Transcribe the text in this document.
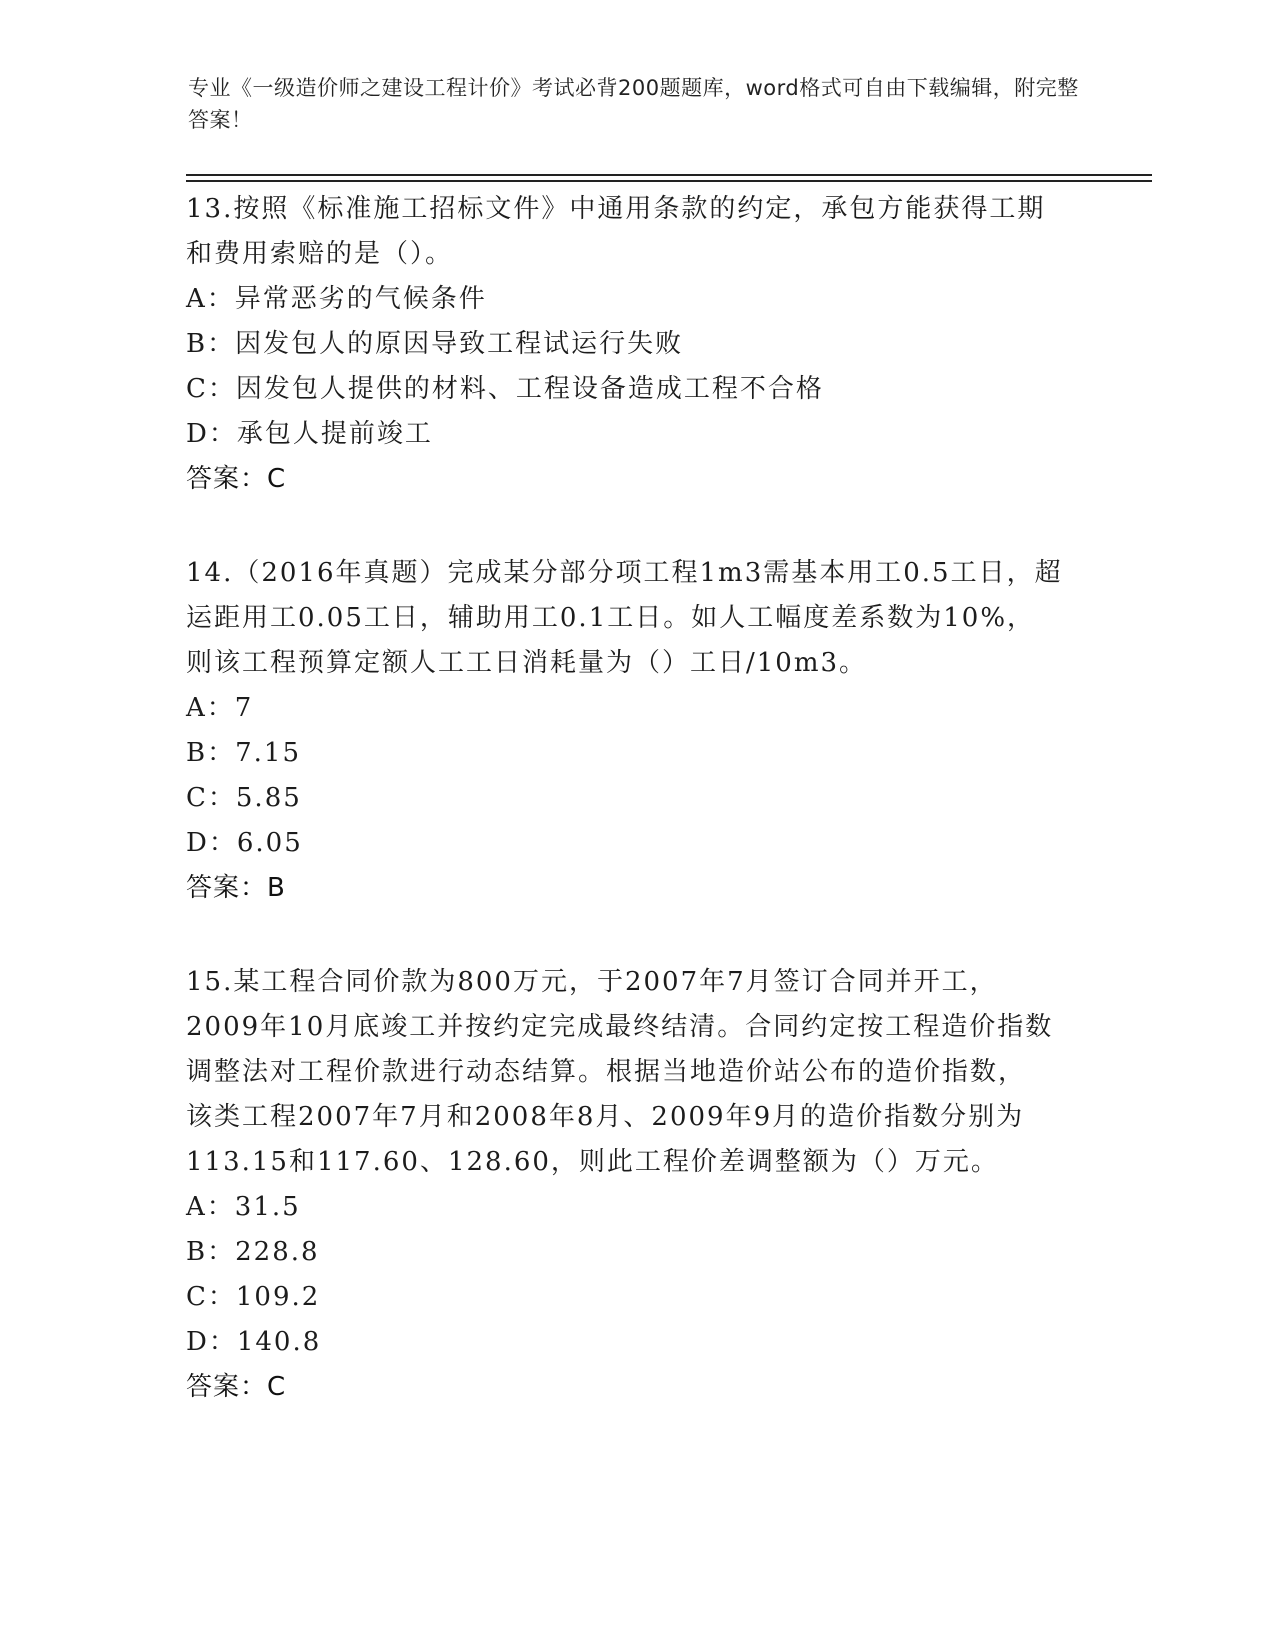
专业《一级造价师之建设工程计价》考试必背200题题库，word格式可自由下载编辑，附完整答案！

13.按照《标准施工招标文件》中通用条款的约定，承包方能获得工期
和费用索赔的是（）。

A：异常恶劣的气候条件

B：因发包人的原因导致工程试运行失败

C：因发包人提供的材料、工程设备造成工程不合格

D：承包人提前竣工

答案：C

14.（2016年真题）完成某分部分项工程1m3需基本用工0.5工日，超
运距用工0.05工日，辅助用工0.1工日。如人工幅度差系数为10%，
则该工程预算定额人工工日消耗量为（）工日/10m3。

A：7

B：7.15

C：5.85

D：6.05

答案：B

15.某工程合同价款为800万元，于2007年7月签订合同并开工，
2009年10月底竣工并按约定完成最终结清。合同约定按工程造价指数
调整法对工程价款进行动态结算。根据当地造价站公布的造价指数，
该类工程2007年7月和2008年8月、2009年9月的造价指数分别为
113.15和117.60、128.60，则此工程价差调整额为（）万元。

A：31.5

B：228.8

C：109.2

D：140.8

答案：C
